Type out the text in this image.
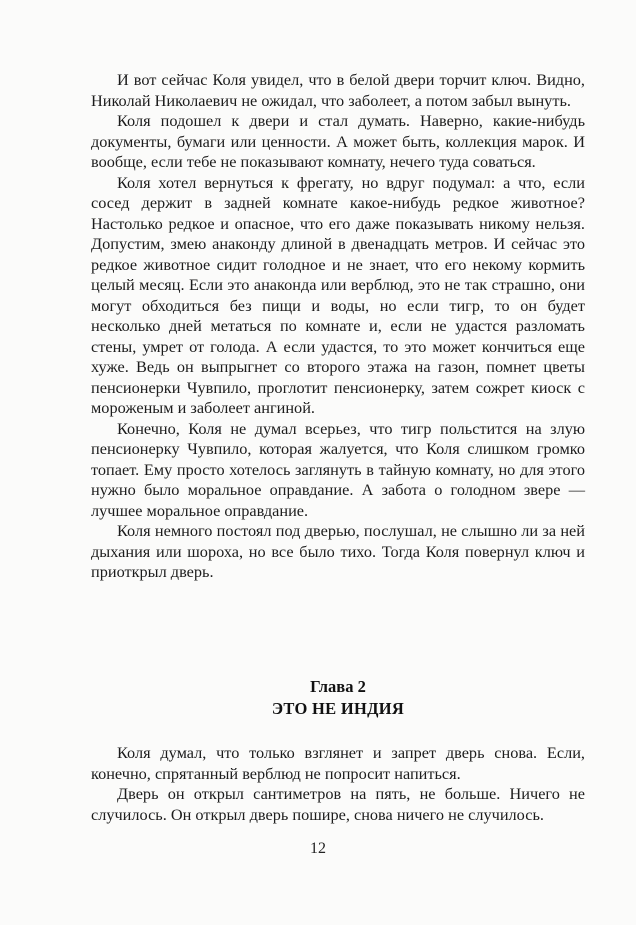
И вот сейчас Коля увидел, что в белой двери торчит ключ. Видно, Николай Николаевич не ожидал, что заболеет, а потом забыл вынуть.

Коля подошел к двери и стал думать. Наверно, какие-нибудь документы, бумаги или ценности. А может быть, коллекция марок. И вообще, если тебе не показывают комнату, нечего туда соваться.

Коля хотел вернуться к фрегату, но вдруг подумал: а что, если сосед держит в задней комнате какое-нибудь редкое животное? Настолько редкое и опасное, что его даже показывать никому нельзя. Допустим, змею анаконду длиной в двенадцать метров. И сейчас это редкое животное сидит голодное и не знает, что его некому кормить целый месяц. Если это анаконда или верблюд, это не так страшно, они могут обходиться без пищи и воды, но если тигр, то он будет несколько дней метаться по комнате и, если не удастся разломать стены, умрет от голода. А если удастся, то это может кончиться еще хуже. Ведь он выпрыгнет со второго этажа на газон, помнет цветы пенсионерки Чувпило, проглотит пенсионерку, затем сожрет киоск с мороженым и заболеет ангиной.

Конечно, Коля не думал всерьез, что тигр польстится на злую пенсионерку Чувпило, которая жалуется, что Коля слишком громко топает. Ему просто хотелось заглянуть в тайную комнату, но для этого нужно было моральное оправдание. А забота о голодном звере — лучшее моральное оправдание.

Коля немного постоял под дверью, послушал, не слышно ли за ней дыхания или шороха, но все было тихо. Тогда Коля повернул ключ и приоткрыл дверь.

Глава 2

ЭТО НЕ ИНДИЯ

Коля думал, что только взглянет и запрет дверь снова. Если, конечно, спрятанный верблюд не попросит напиться.

Дверь он открыл сантиметров на пять, не больше. Ничего не случилось. Он открыл дверь пошире, снова ничего не случилось.

12
